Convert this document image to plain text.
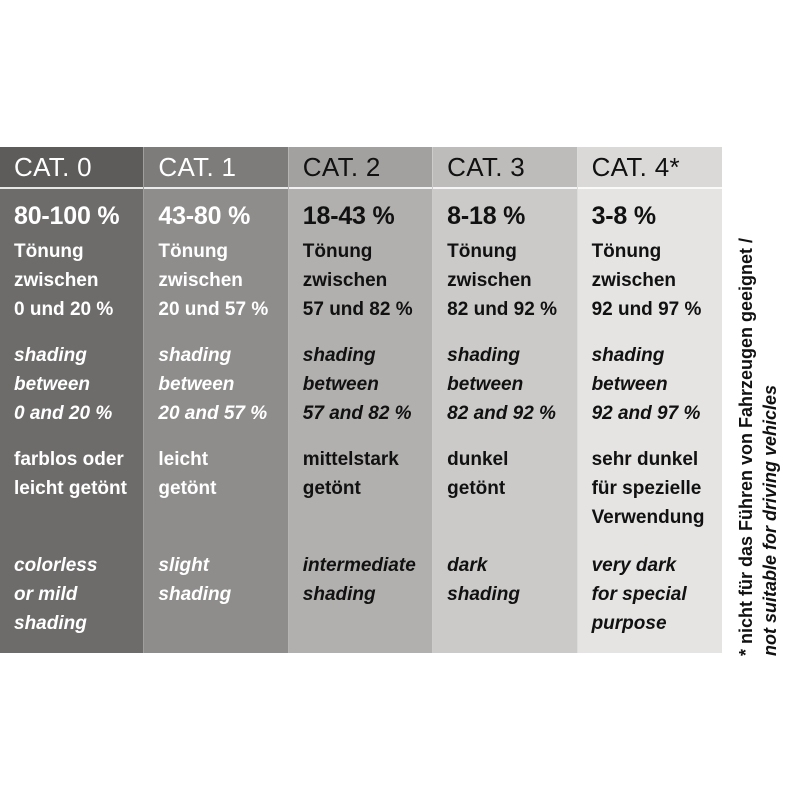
CAT. 0
80-100 %
Tönung
zwischen
0 und 20 %
shading
between
0 and 20 %
farblos oder
leicht getönt
colorless
or mild
shading
CAT. 1
43-80 %
Tönung
zwischen
20 und 57 %
shading
between
20 and 57 %
leicht
getönt
slight
shading
CAT. 2
18-43 %
Tönung
zwischen
57 und 82 %
shading
between
57 and 82 %
mittelstark
getönt
intermediate
shading
CAT. 3
8-18 %
Tönung
zwischen
82 und 92 %
shading
between
82 and 92 %
dunkel
getönt
dark
shading
CAT. 4*
3-8 %
Tönung
zwischen
92 und 97 %
shading
between
92 and 97 %
sehr dunkel
für spezielle
Verwendung
very dark
for special
purpose	* nicht für das Führen von Fahrzeugen geeignet / not suitable for driving vehicles
